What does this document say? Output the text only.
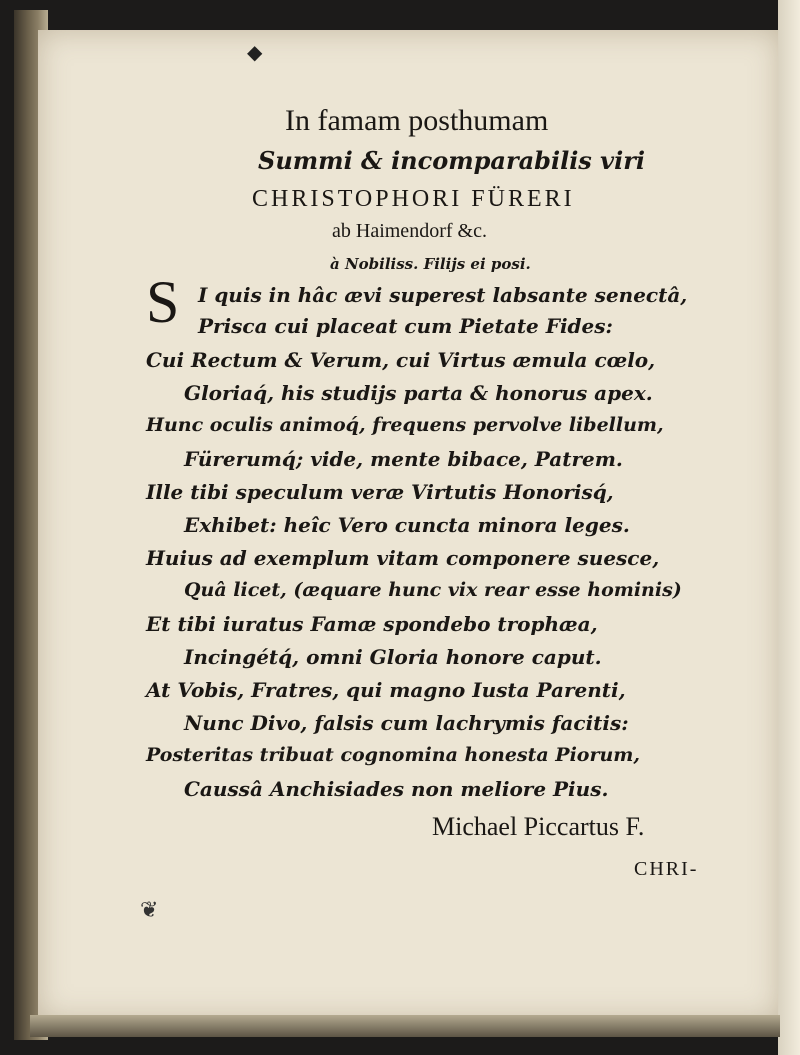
◆
In famam posthumam
Summi & incomparabilis viri
CHRISTOPHORI FÜRERI
ab Haimendorf &c.
à Nobiliss. Filijs ei posi.
S I quis in hâc ævi superest labsante senectâ,
Prisca cui placeat cum Pietate Fides:
Cui Rectum & Verum, cui Virtus æmula cœlo,
Gloriaq́, his studijs parta & honorus apex.
Hunc oculis animoq́, frequens pervolve libellum,
Fürerumq́; vide, mente bibace, Patrem.
Ille tibi speculum veræ Virtutis Honorisq́,
Exhibet: heîc Vero cuncta minora leges.
Huius ad exemplum vitam componere suesce,
Quâ licet, (æquare hunc vix rear esse hominis)
Et tibi iuratus Famæ spondebo trophæa,
Incingétq́, omni Gloria honore caput.
At Vobis, Fratres, qui magno Iusta Parenti,
Nunc Divo, falsis cum lachrymis facitis:
Posteritas tribuat cognomina honesta Piorum,
Caussâ Anchisiades non meliore Pius.
Michael Piccartus F.
CHRI-
❦
